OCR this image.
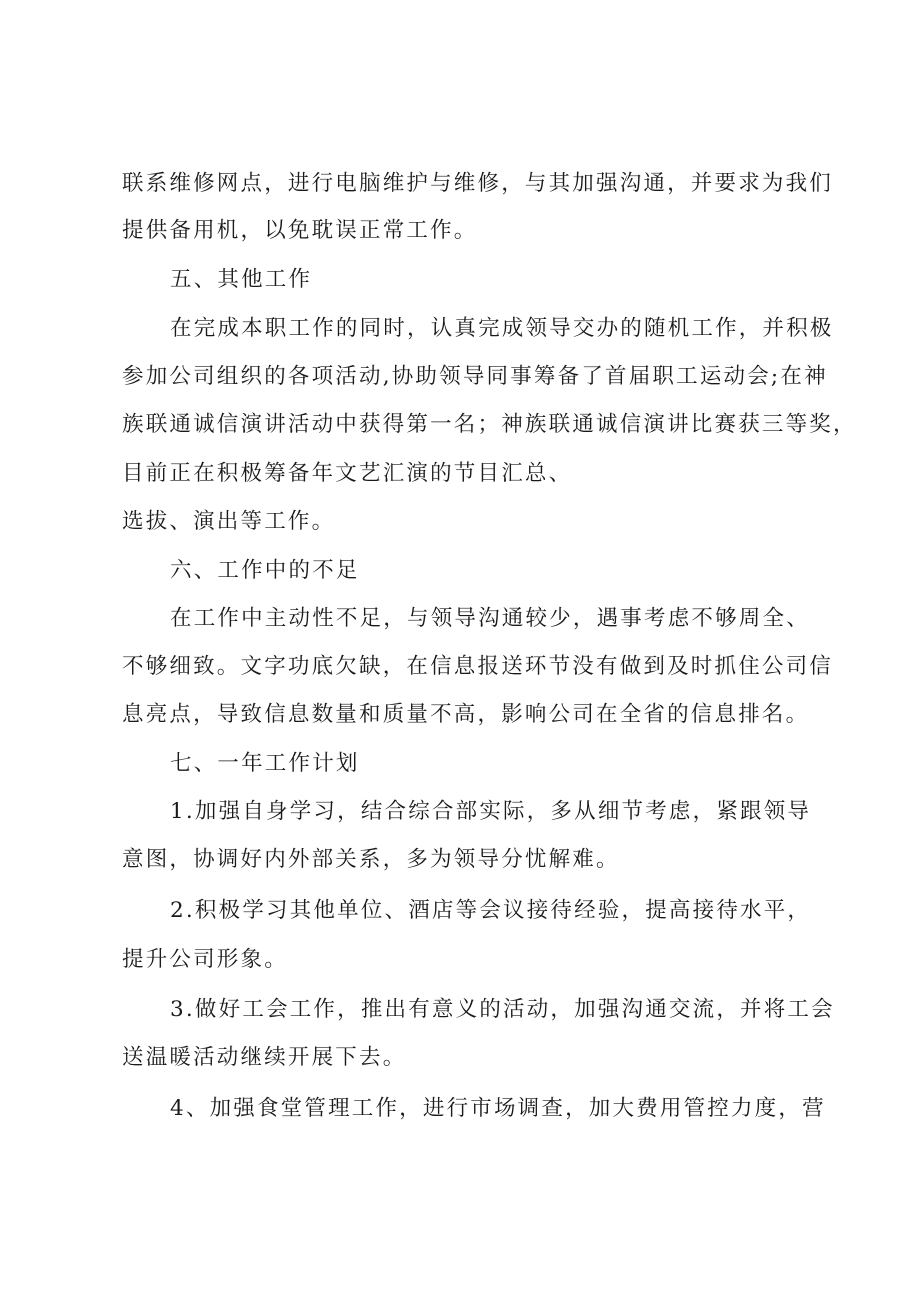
联系维修网点，进行电脑维护与维修，与其加强沟通，并要求为我们
提供备用机，以免耽误正常工作。
五、其他工作
在完成本职工作的同时，认真完成领导交办的随机工作，并积极
参加公司组织的各项活动,协助领导同事筹备了首届职工运动会;在神
族联通诚信演讲活动中获得第一名；神族联通诚信演讲比赛获三等奖，
目前正在积极筹备年文艺汇演的节目汇总、
选拔、演出等工作。
六、工作中的不足
在工作中主动性不足，与领导沟通较少，遇事考虑不够周全、
不够细致。文字功底欠缺，在信息报送环节没有做到及时抓住公司信
息亮点，导致信息数量和质量不高，影响公司在全省的信息排名。
七、一年工作计划
1.加强自身学习，结合综合部实际，多从细节考虑，紧跟领导
意图，协调好内外部关系，多为领导分忧解难。
2.积极学习其他单位、酒店等会议接待经验，提高接待水平，
提升公司形象。
3.做好工会工作，推出有意义的活动，加强沟通交流，并将工会
送温暖活动继续开展下去。
4、加强食堂管理工作，进行市场调查，加大费用管控力度，营
